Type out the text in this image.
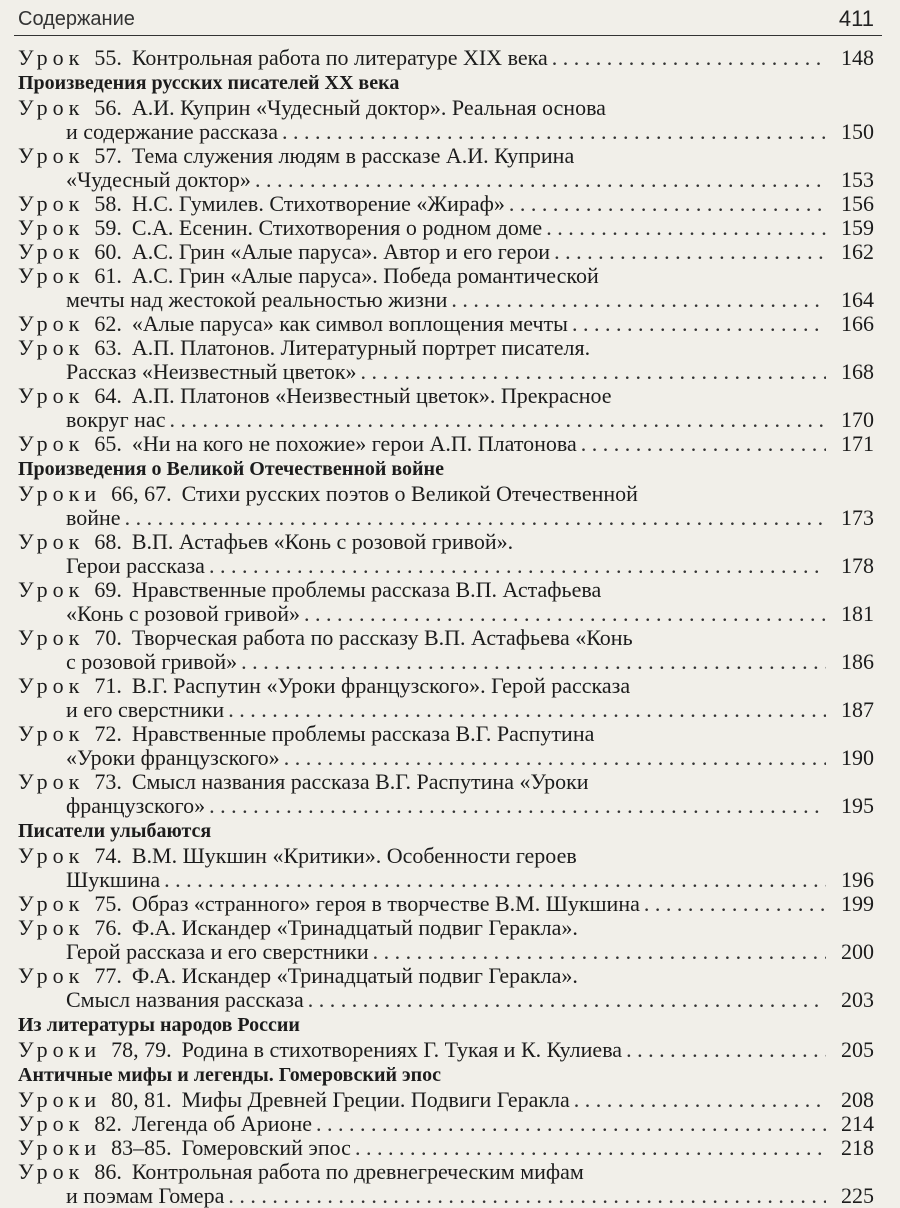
Содержание	411
Урок 55. Контрольная работа по литературе XIX века . . .	148
Произведения русских писателей XX века
Урок 56. А.И. Куприн «Чудесный доктор». Реальная основа
и содержание рассказа . . .	150
Урок 57. Тема служения людям в рассказе А.И. Куприна
«Чудесный доктор» . . .	153
Урок 58. Н.С. Гумилев. Стихотворение «Жираф» . . .	156
Урок 59. С.А. Есенин. Стихотворения о родном доме . . .	159
Урок 60. А.С. Грин «Алые паруса». Автор и его герои . . .	162
Урок 61. А.С. Грин «Алые паруса». Победа романтической
мечты над жестокой реальностью жизни . . .	164
Урок 62. «Алые паруса» как символ воплощения мечты . . .	166
Урок 63. А.П. Платонов. Литературный портрет писателя.
Рассказ «Неизвестный цветок» . . .	168
Урок 64. А.П. Платонов «Неизвестный цветок». Прекрасное
вокруг нас . . .	170
Урок 65. «Ни на кого не похожие» герои А.П. Платонова . . .	171
Произведения о Великой Отечественной войне
Уроки 66, 67. Стихи русских поэтов о Великой Отечественной
войне . . .	173
Урок 68. В.П. Астафьев «Конь с розовой гривой».
Герои рассказа . . .	178
Урок 69. Нравственные проблемы рассказа В.П. Астафьева
«Конь с розовой гривой» . . .	181
Урок 70. Творческая работа по рассказу В.П. Астафьева «Конь
с розовой гривой» . . .	186
Урок 71. В.Г. Распутин «Уроки французского». Герой рассказа
и его сверстники . . .	187
Урок 72. Нравственные проблемы рассказа В.Г. Распутина
«Уроки французского» . . .	190
Урок 73. Смысл названия рассказа В.Г. Распутина «Уроки
французского» . . .	195
Писатели улыбаются
Урок 74. В.М. Шукшин «Критики». Особенности героев
Шукшина . . .	196
Урок 75. Образ «странного» героя в творчестве В.М. Шукшина . . .	199
Урок 76. Ф.А. Искандер «Тринадцатый подвиг Геракла».
Герой рассказа и его сверстники . . .	200
Урок 77. Ф.А. Искандер «Тринадцатый подвиг Геракла».
Смысл названия рассказа . . .	203
Из литературы народов России
Уроки 78, 79. Родина в стихотворениях Г. Тукая и К. Кулиева . . .	205
Античные мифы и легенды. Гомеровский эпос
Уроки 80, 81. Мифы Древней Греции. Подвиги Геракла . . .	208
Урок 82. Легенда об Арионе . . .	214
Уроки 83–85. Гомеровский эпос . . .	218
Урок 86. Контрольная работа по древнегреческим мифам
и поэмам Гомера . . .	225
